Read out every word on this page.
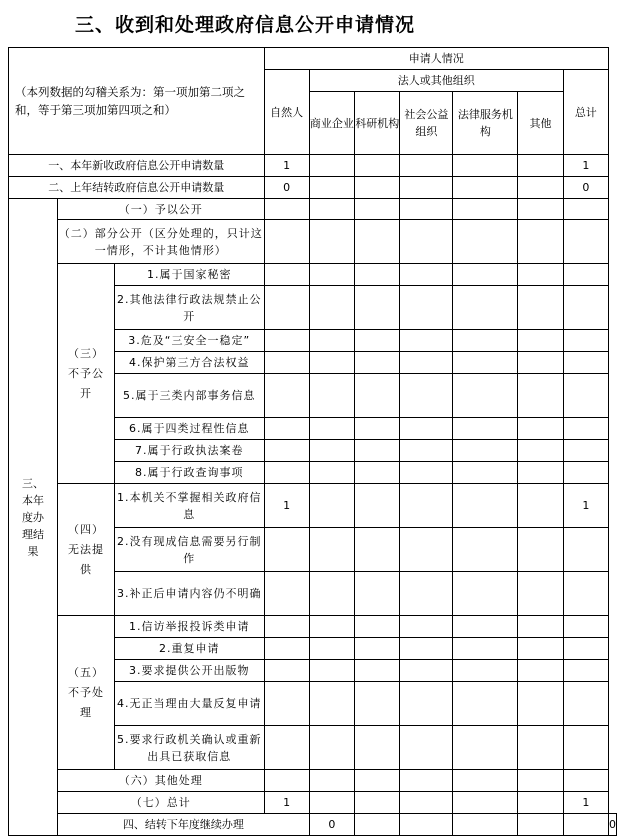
三、收到和处理政府信息公开申请情况
（本列数据的勾稽关系为：第一项加第二项之和，等于第三项加第四项之和）			申请人情况							
			自然人	法人或其他组织					总计	
				商业企业	科研机构	社会公益组织	法律服务机构	其他		
一、本年新收政府信息公开申请数量			1						1	
二、上年结转政府信息公开申请数量			0						0	
三、本年度办理结果	（一）予以公开									
	（二）部分公开（区分处理的，只计这一情形，不计其他情形）									
	（三）不予公开	1.属于国家秘密								
		2.其他法律行政法规禁止公开								
		3.危及“三安全一稳定”								
		4.保护第三方合法权益								
		5.属于三类内部事务信息								
		6.属于四类过程性信息								
		7.属于行政执法案卷								
		8.属于行政查询事项								
	（四）无法提供	1.本机关不掌握相关政府信息	1						1	
		2.没有现成信息需要另行制作								
		3.补正后申请内容仍不明确								
	（五）不予处理	1.信访举报投诉类申请								
		2.重复申请								
		3.要求提供公开出版物								
		4.无正当理由大量反复申请								
		5.要求行政机关确认或重新出具已获取信息								
	（六）其他处理									
	（七）总计		1						1	
	四、结转下年度继续办理			0						0
